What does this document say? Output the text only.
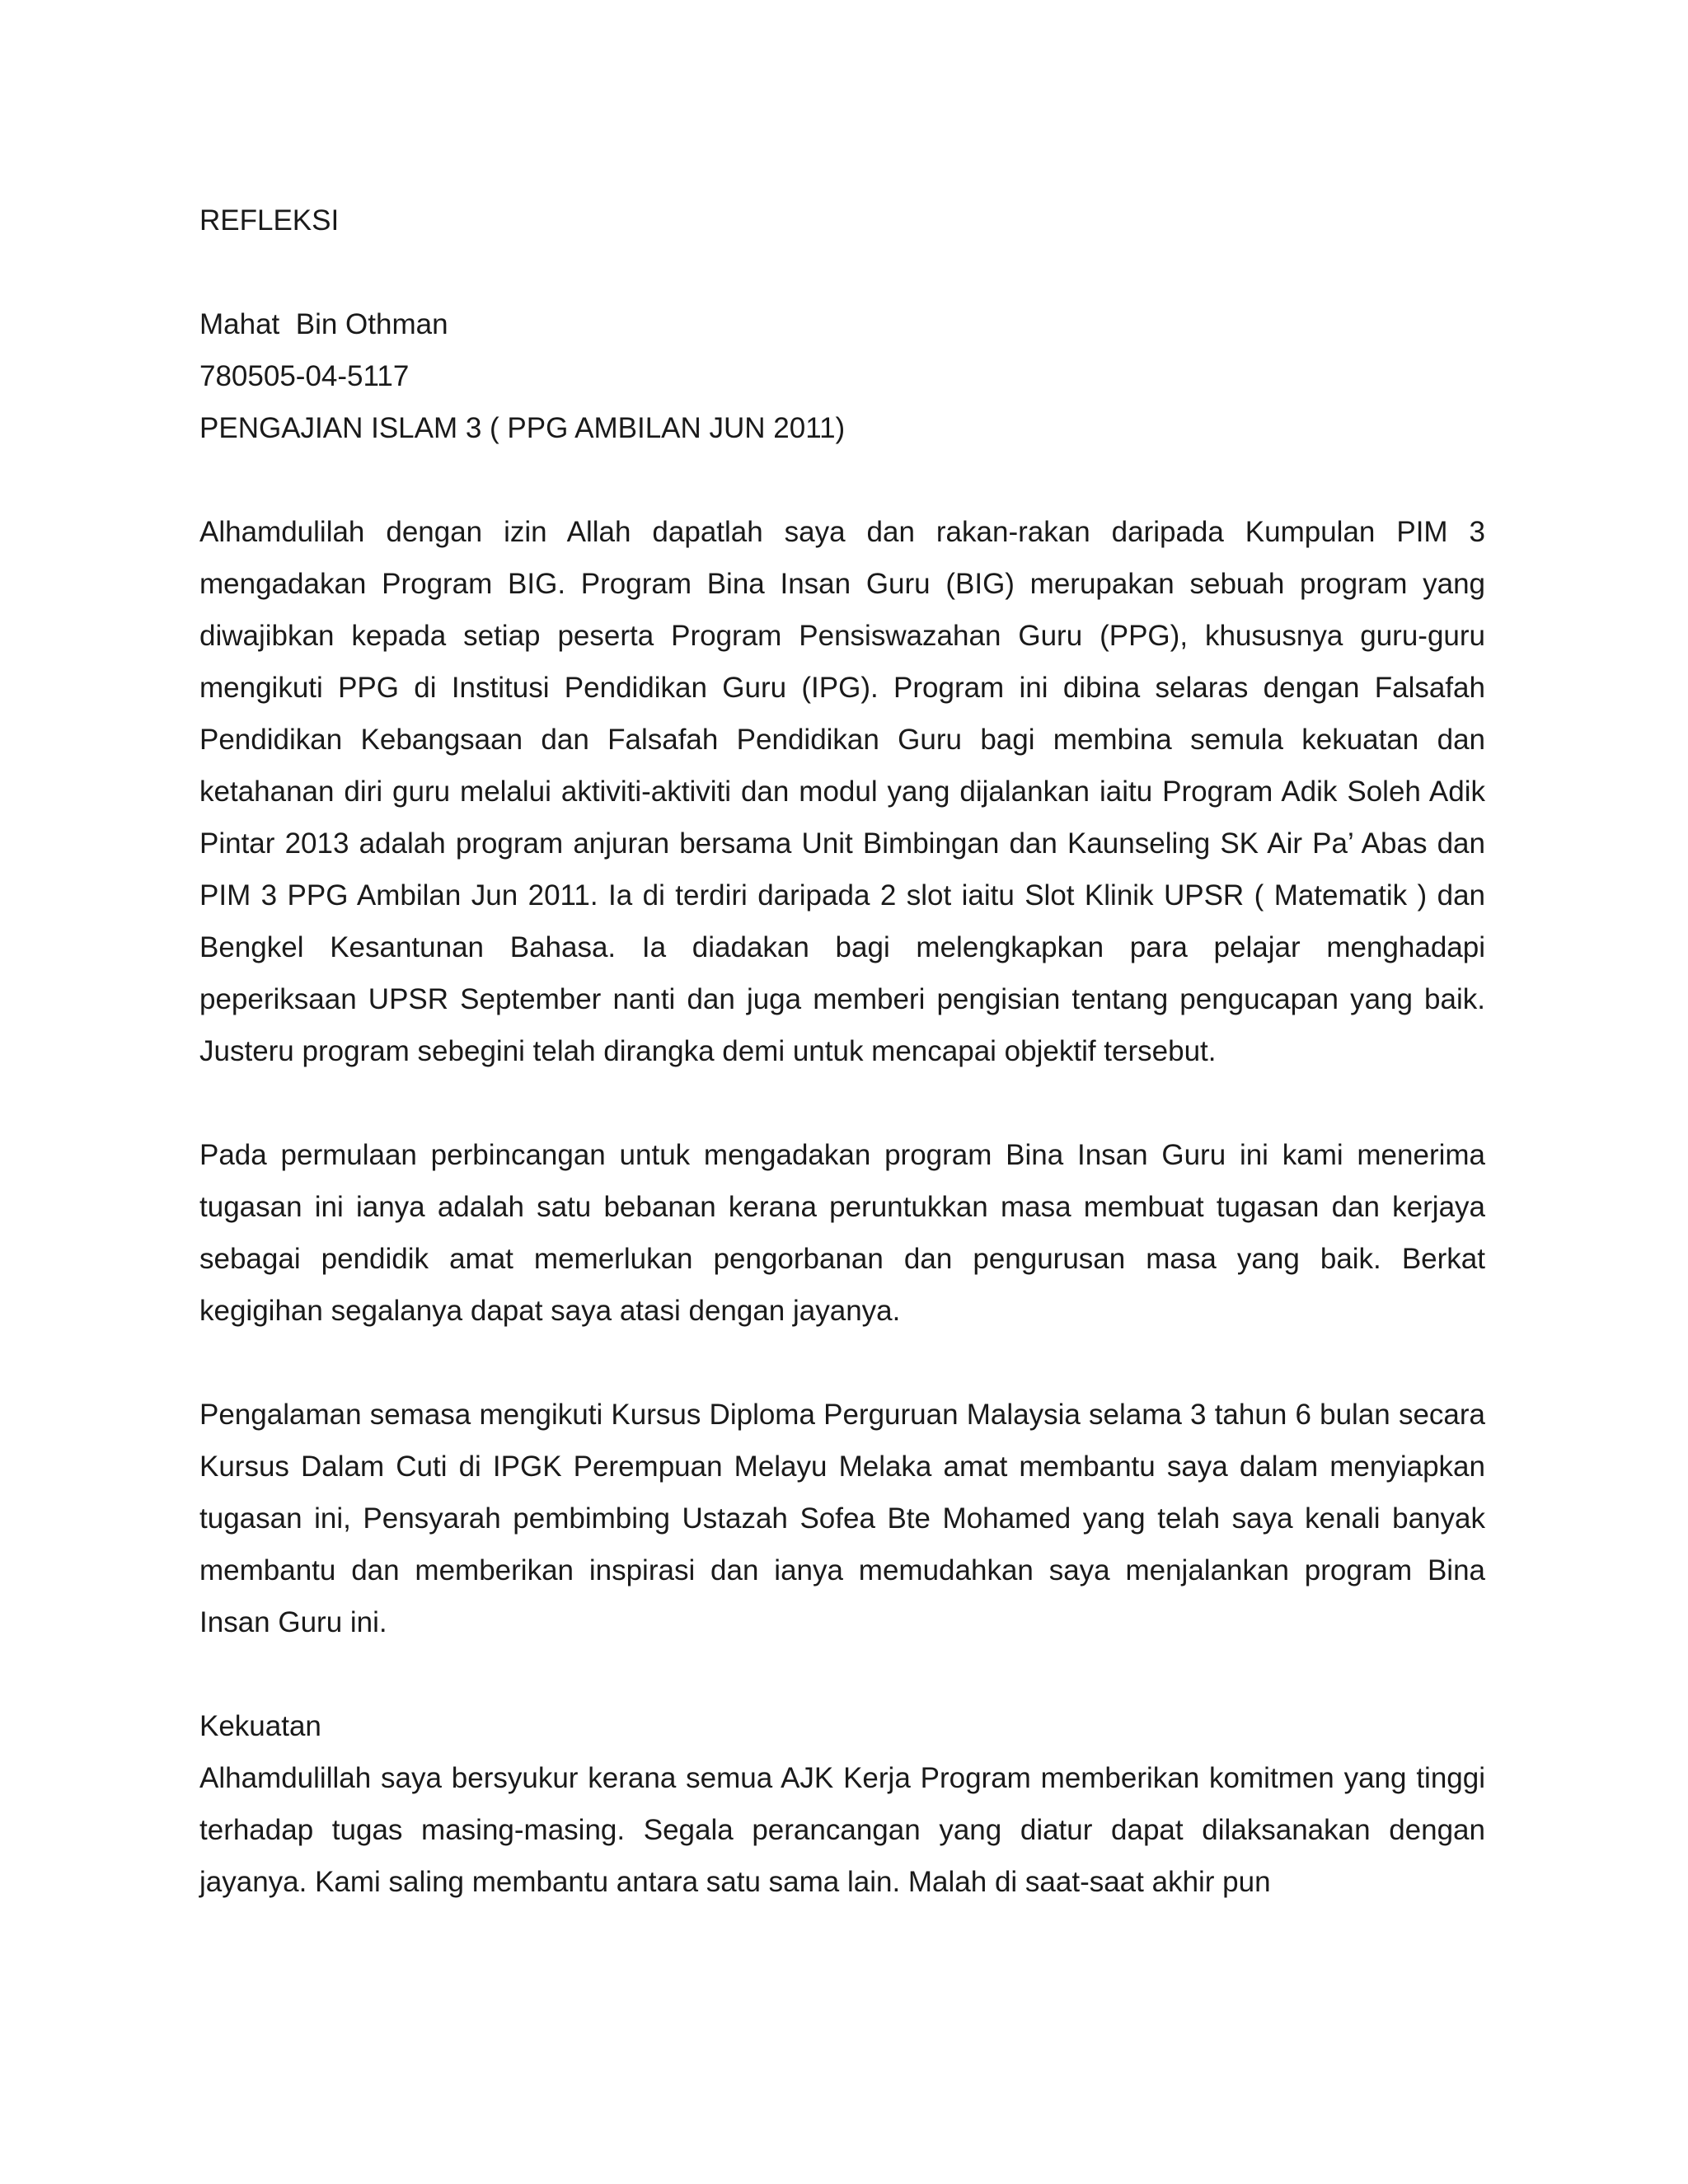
REFLEKSI

Mahat  Bin Othman

780505-04-5117

PENGAJIAN ISLAM 3 ( PPG AMBILAN JUN 2011)

Alhamdulilah dengan izin Allah dapatlah saya dan rakan-rakan daripada Kumpulan PIM 3 mengadakan Program BIG. Program Bina Insan Guru (BIG) merupakan sebuah program yang diwajibkan kepada setiap peserta Program Pensiswazahan Guru (PPG), khususnya guru-guru mengikuti PPG di Institusi Pendidikan Guru (IPG). Program ini dibina selaras dengan Falsafah Pendidikan Kebangsaan dan Falsafah Pendidikan Guru bagi membina semula kekuatan dan ketahanan diri guru melalui aktiviti-aktiviti dan modul yang dijalankan iaitu Program Adik Soleh Adik Pintar 2013 adalah program anjuran bersama Unit Bimbingan dan Kaunseling SK Air Pa’ Abas dan PIM 3 PPG Ambilan Jun 2011. Ia di terdiri daripada 2 slot iaitu Slot Klinik UPSR ( Matematik ) dan Bengkel Kesantunan Bahasa. Ia diadakan bagi melengkapkan para pelajar menghadapi peperiksaan UPSR September nanti dan juga memberi pengisian tentang pengucapan yang baik. Justeru program sebegini telah dirangka demi untuk mencapai objektif tersebut.

Pada permulaan perbincangan untuk mengadakan program Bina Insan Guru ini kami menerima tugasan ini ianya adalah satu bebanan kerana peruntukkan masa membuat tugasan dan kerjaya sebagai pendidik amat memerlukan pengorbanan dan pengurusan masa yang baik. Berkat kegigihan segalanya dapat saya atasi dengan jayanya.

Pengalaman semasa mengikuti Kursus Diploma Perguruan Malaysia selama 3 tahun 6 bulan secara Kursus Dalam Cuti di IPGK Perempuan Melayu Melaka amat membantu saya dalam menyiapkan tugasan ini, Pensyarah pembimbing Ustazah Sofea Bte Mohamed yang telah saya kenali banyak membantu dan memberikan inspirasi dan ianya memudahkan saya menjalankan program Bina Insan Guru ini.

Kekuatan

Alhamdulillah saya bersyukur kerana semua AJK Kerja Program memberikan komitmen yang tinggi terhadap tugas masing-masing. Segala perancangan yang diatur dapat dilaksanakan dengan jayanya. Kami saling membantu antara satu sama lain. Malah di saat-saat akhir pun
